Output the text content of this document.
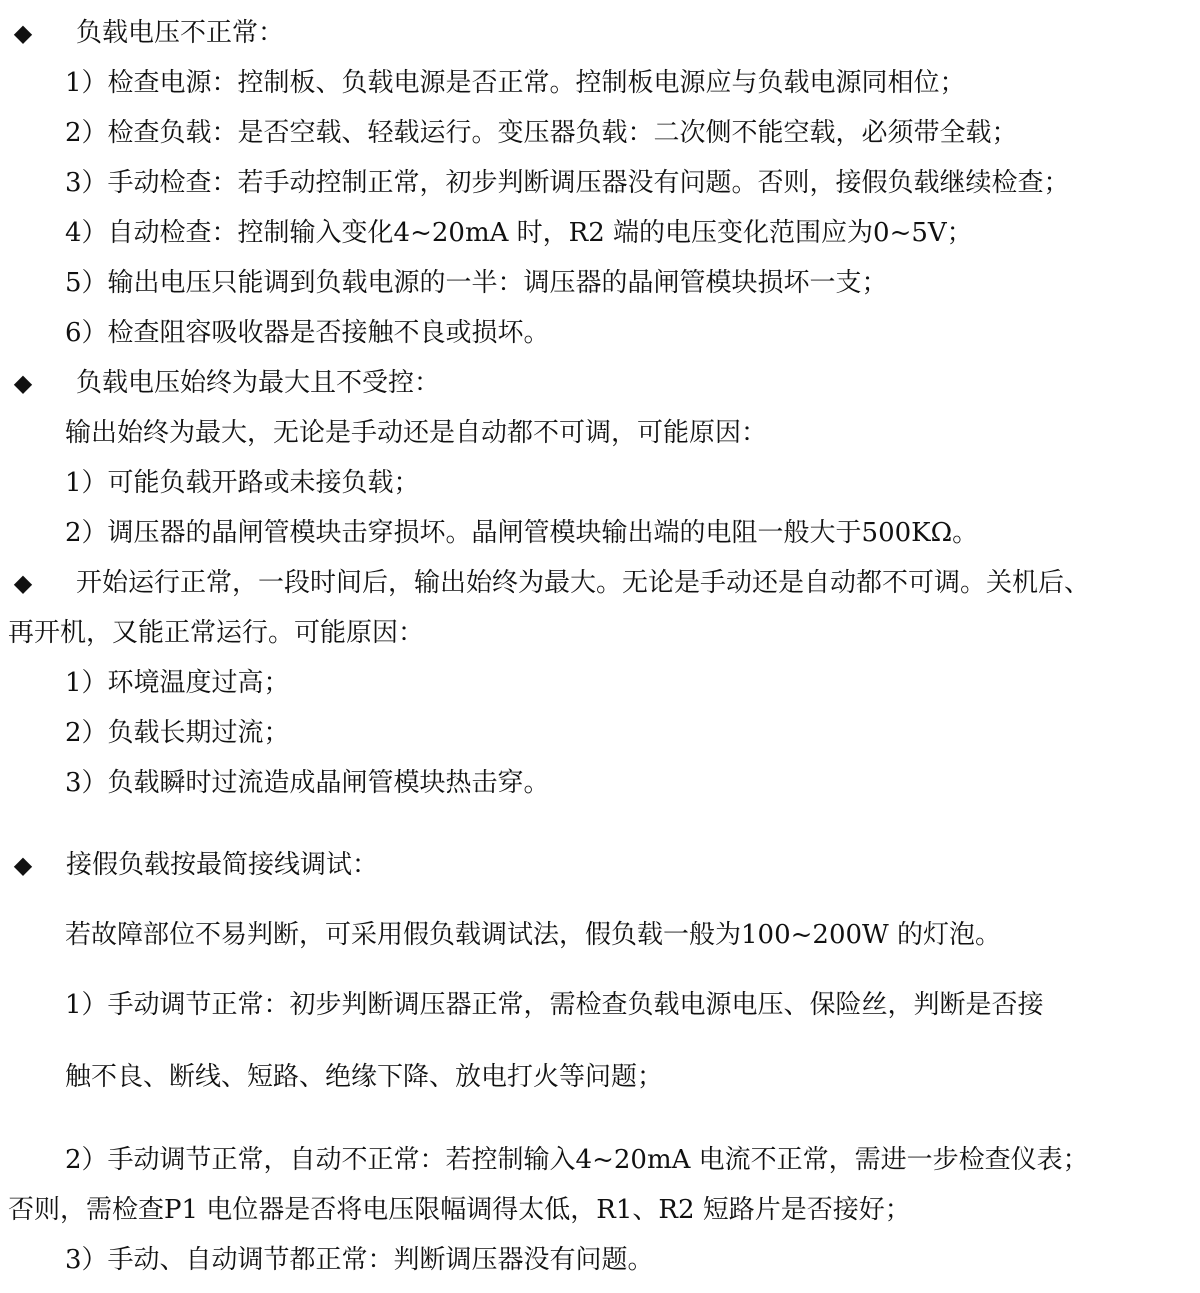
◆ 负载电压不正常：
1）检查电源：控制板、负载电源是否正常。控制板电源应与负载电源同相位；
2）检查负载：是否空载、轻载运行。变压器负载：二次侧不能空载，必须带全载；
3）手动检查：若手动控制正常，初步判断调压器没有问题。否则，接假负载继续检查；
4）自动检查：控制输入变化4~20mA 时，R2 端的电压变化范围应为0~5V；
5）输出电压只能调到负载电源的一半：调压器的晶闸管模块损坏一支；
6）检查阻容吸收器是否接触不良或损坏。
◆ 负载电压始终为最大且不受控：
输出始终为最大，无论是手动还是自动都不可调，可能原因：
1）可能负载开路或未接负载；
2）调压器的晶闸管模块击穿损坏。晶闸管模块输出端的电阻一般大于500KΩ。
◆ 开始运行正常，一段时间后，输出始终为最大。无论是手动还是自动都不可调。关机后、
再开机，又能正常运行。可能原因：
1）环境温度过高；
2）负载长期过流；
3）负载瞬时过流造成晶闸管模块热击穿。
◆ 接假负载按最简接线调试：
若故障部位不易判断，可采用假负载调试法，假负载一般为100~200W 的灯泡。
1）手动调节正常：初步判断调压器正常，需检查负载电源电压、保险丝，判断是否接
触不良、断线、短路、绝缘下降、放电打火等问题；
2）手动调节正常，自动不正常：若控制输入4~20mA 电流不正常，需进一步检查仪表；
否则，需检查P1 电位器是否将电压限幅调得太低，R1、R2 短路片是否接好；
3）手动、自动调节都正常：判断调压器没有问题。
